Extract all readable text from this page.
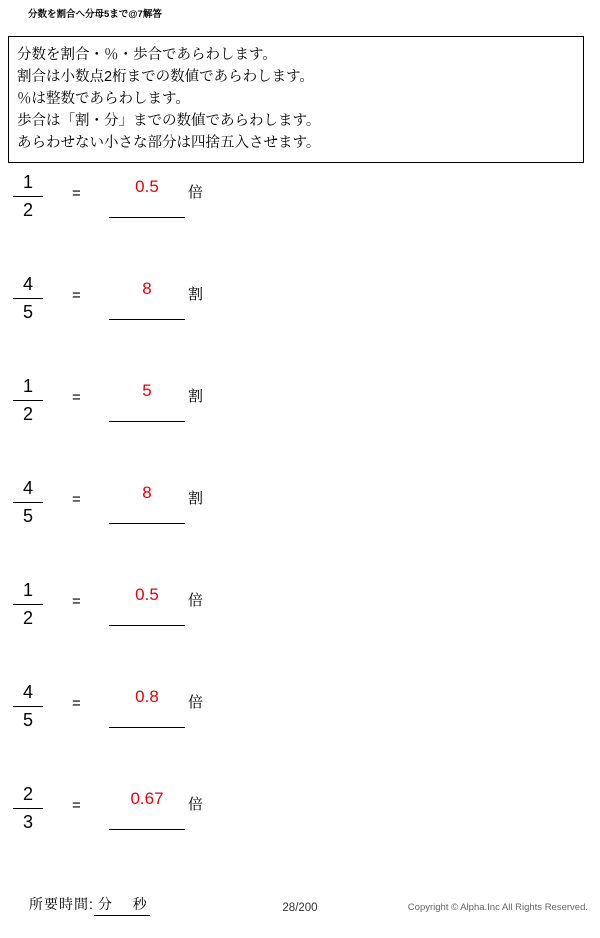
分数を割合へ分母5まで@7解答
分数を割合・％・歩合であらわします。
割合は小数点2桁までの数値であらわします。
％は整数であらわします。
歩合は「割・分」までの数値であらわします。
あらわせない小さな部分は四捨五入させます。
1
2
=	0.5	倍
4
5
=	8	割
1
2
=	5	割
4
5
=	8	割
1
2
=	0.5	倍
4
5
=	0.8	倍
2
3
=	0.67	倍
所要時間: 分　 秒	28/200	Copyright © Alpha.Inc All Rights Reserved.
